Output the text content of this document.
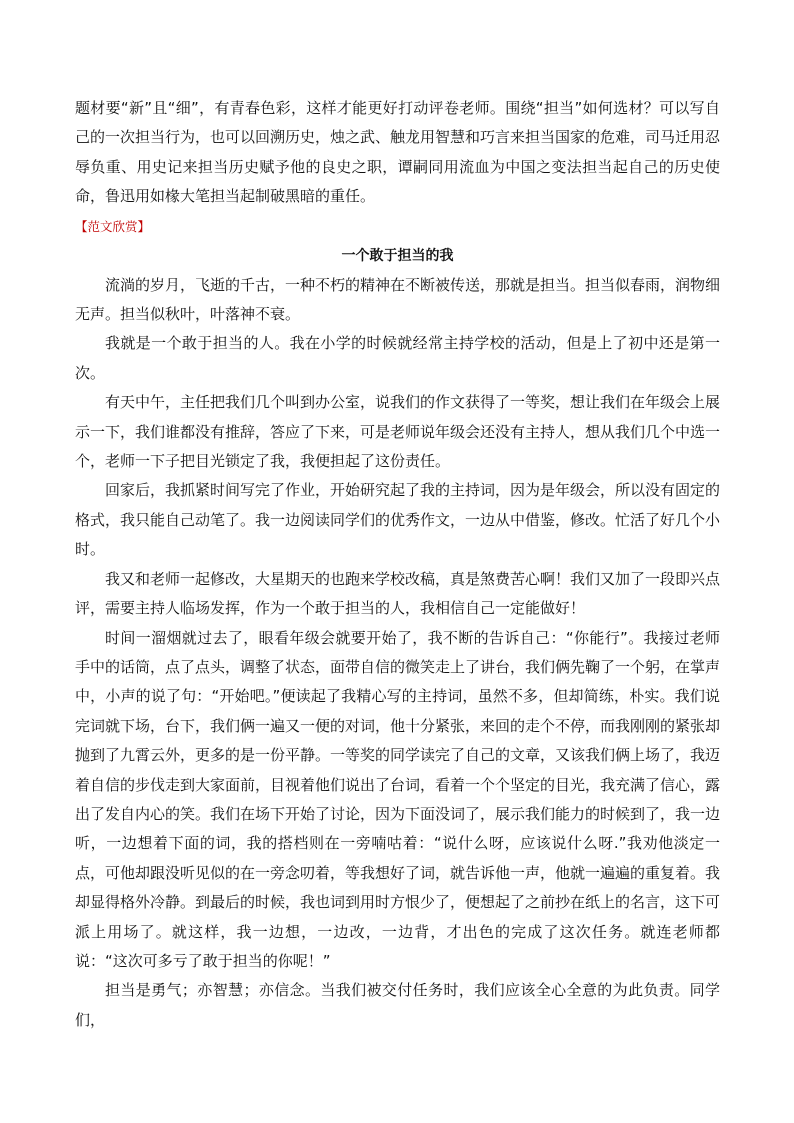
题材要“新”且“细”，有青春色彩，这样才能更好打动评卷老师。围绕“担当”如何选材？可以写自己的一次担当行为，也可以回溯历史，烛之武、触龙用智慧和巧言来担当国家的危难，司马迁用忍辱负重、用史记来担当历史赋予他的良史之职，谭嗣同用流血为中国之变法担当起自己的历史使命，鲁迅用如椽大笔担当起制破黑暗的重任。

【范文欣赏】

一个敢于担当的我

流淌的岁月，飞逝的千古，一种不朽的精神在不断被传送，那就是担当。担当似春雨，润物细无声。担当似秋叶，叶落神不衰。

我就是一个敢于担当的人。我在小学的时候就经常主持学校的活动，但是上了初中还是第一次。

有天中午，主任把我们几个叫到办公室，说我们的作文获得了一等奖，想让我们在年级会上展示一下，我们谁都没有推辞，答应了下来，可是老师说年级会还没有主持人，想从我们几个中选一个，老师一下子把目光锁定了我，我便担起了这份责任。

回家后，我抓紧时间写完了作业，开始研究起了我的主持词，因为是年级会，所以没有固定的格式，我只能自己动笔了。我一边阅读同学们的优秀作文，一边从中借鉴，修改。忙活了好几个小时。

我又和老师一起修改，大星期天的也跑来学校改稿，真是煞费苦心啊！我们又加了一段即兴点评，需要主持人临场发挥，作为一个敢于担当的人，我相信自己一定能做好！

时间一溜烟就过去了，眼看年级会就要开始了，我不断的告诉自己：“你能行”。我接过老师手中的话筒，点了点头，调整了状态，面带自信的微笑走上了讲台，我们俩先鞠了一个躬，在掌声中，小声的说了句：“开始吧。”便读起了我精心写的主持词，虽然不多，但却简练，朴实。我们说完词就下场，台下，我们俩一遍又一便的对词，他十分紧张，来回的走个不停，而我刚刚的紧张却抛到了九霄云外，更多的是一份平静。一等奖的同学读完了自己的文章，又该我们俩上场了，我迈着自信的步伐走到大家面前，目视着他们说出了台词，看着一个个坚定的目光，我充满了信心，露出了发自内心的笑。我们在场下开始了讨论，因为下面没词了，展示我们能力的时候到了，我一边听，一边想着下面的词，我的搭档则在一旁喃咕着：“说什么呀，应该说什么呀.”我劝他淡定一点，可他却跟没听见似的在一旁念叨着，等我想好了词，就告诉他一声，他就一遍遍的重复着。我却显得格外冷静。到最后的时候，我也词到用时方恨少了，便想起了之前抄在纸上的名言，这下可派上用场了。就这样，我一边想，一边改，一边背，才出色的完成了这次任务。就连老师都说：“这次可多亏了敢于担当的你呢！”

担当是勇气；亦智慧；亦信念。当我们被交付任务时，我们应该全心全意的为此负责。同学们，
